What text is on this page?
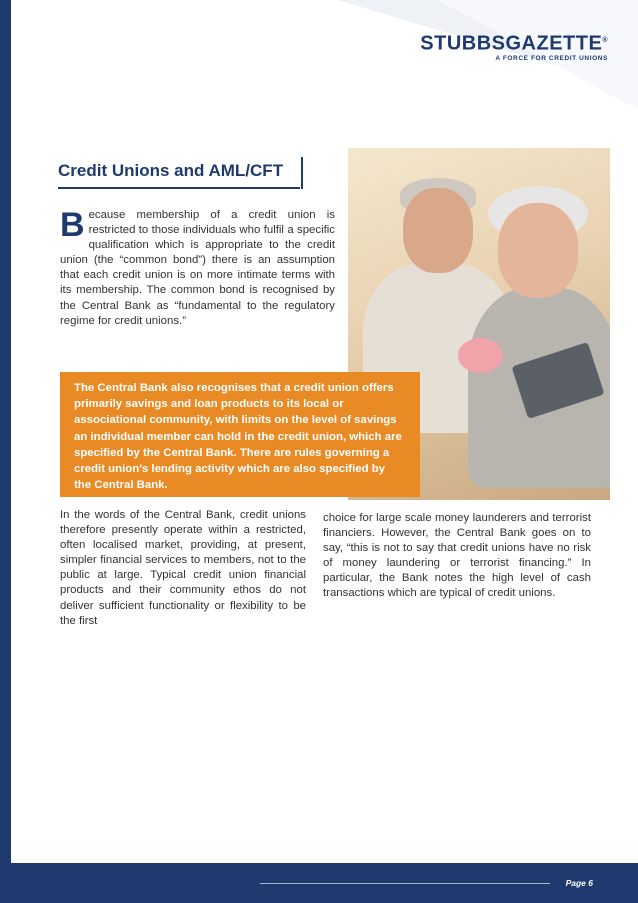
STUBBSGAZETTE®
A FORCE FOR CREDIT UNIONS
Credit Unions and AML/CFT

Because membership of a credit union is restricted to those individuals who fulfil a specific qualification which is appropriate to the credit union (the “common bond”) there is an assumption that each credit union is on more intimate terms with its membership. The common bond is recognised by the Central Bank as “fundamental to the regulatory regime for credit unions.”

The Central Bank also recognises that a credit union offers primarily savings and loan products to its local or associational community, with limits on the level of savings an individual member can hold in the credit union, which are specified by the Central Bank. There are rules governing a credit union’s lending activity which are also specified by the Central Bank.

In the words of the Central Bank, credit unions therefore presently operate within a restricted, often localised market, providing, at present, simpler financial services to members, not to the public at large. Typical credit union financial products and their community ethos do not deliver sufficient functionality or flexibility to be the first

choice for large scale money launderers and terrorist financiers. However, the Central Bank goes on to say, “this is not to say that credit unions have no risk of money laundering or terrorist financing.” In particular, the Bank notes the high level of cash transactions which are typical of credit unions.

Page 6
